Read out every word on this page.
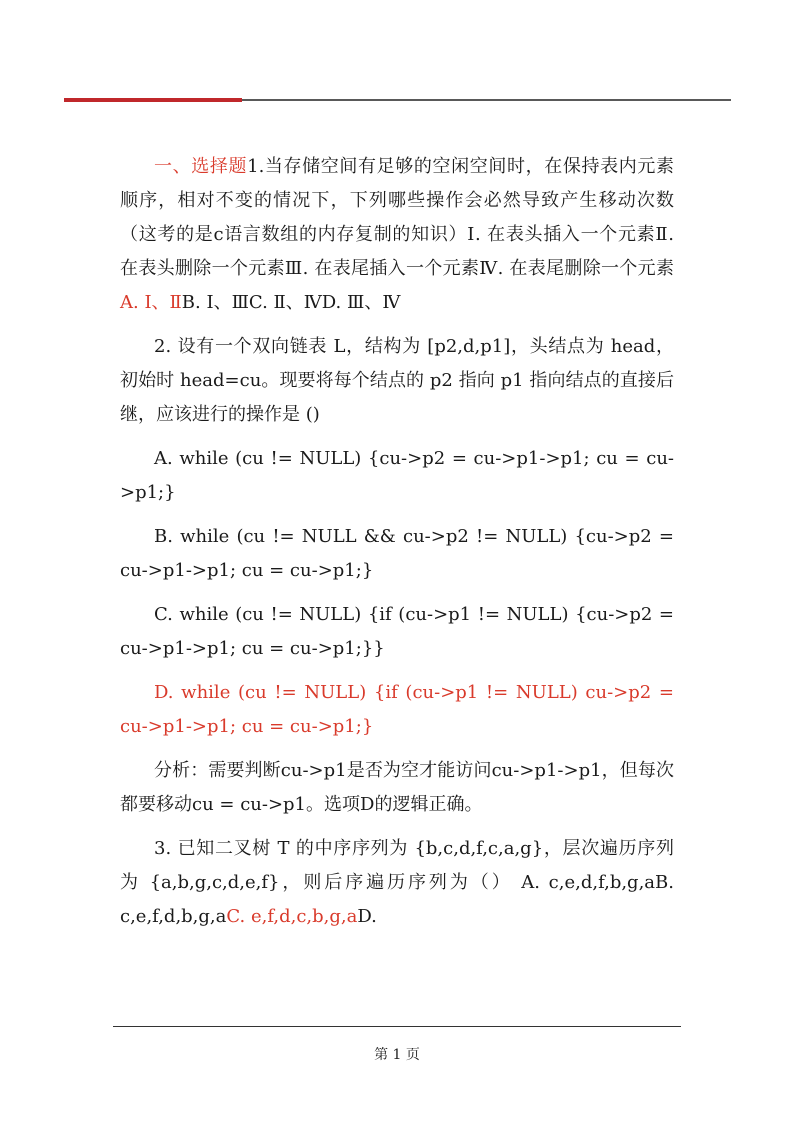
一、选择题1.当存储空间有足够的空闲空间时，在保持表内元素顺序，相对不变的情况下，下列哪些操作会必然导致产生移动次数（这考的是c语言数组的内存复制的知识）Ⅰ. 在表头插入一个元素Ⅱ. 在表头删除一个元素Ⅲ. 在表尾插入一个元素Ⅳ. 在表尾删除一个元素A. Ⅰ、ⅡB. Ⅰ、ⅢC. Ⅱ、ⅣD. Ⅲ、Ⅳ

2. 设有一个双向链表 L，结构为 [p2,d,p1]，头结点为 head，初始时 head=cu。现要将每个结点的 p2 指向 p1 指向结点的直接后继，应该进行的操作是 ()

A. while (cu != NULL) {cu->p2 = cu->p1->p1; cu = cu->p1;}

B. while (cu != NULL && cu->p2 != NULL) {cu->p2 = cu->p1->p1; cu = cu->p1;}

C. while (cu != NULL) {if (cu->p1 != NULL) {cu->p2 = cu->p1->p1; cu = cu->p1;}}

D. while (cu != NULL) {if (cu->p1 != NULL) cu->p2 = cu->p1->p1; cu = cu->p1;}

分析：需要判断cu->p1是否为空才能访问cu->p1->p1，但每次都要移动cu = cu->p1。选项D的逻辑正确。

3. 已知二叉树 T 的中序序列为 {b,c,d,f,c,a,g}，层次遍历序列为 {a,b,g,c,d,e,f}，则后序遍历序列为（） A. c,e,d,f,b,g,aB. c,e,f,d,b,g,aC. e,f,d,c,b,g,aD.

第 1 页
